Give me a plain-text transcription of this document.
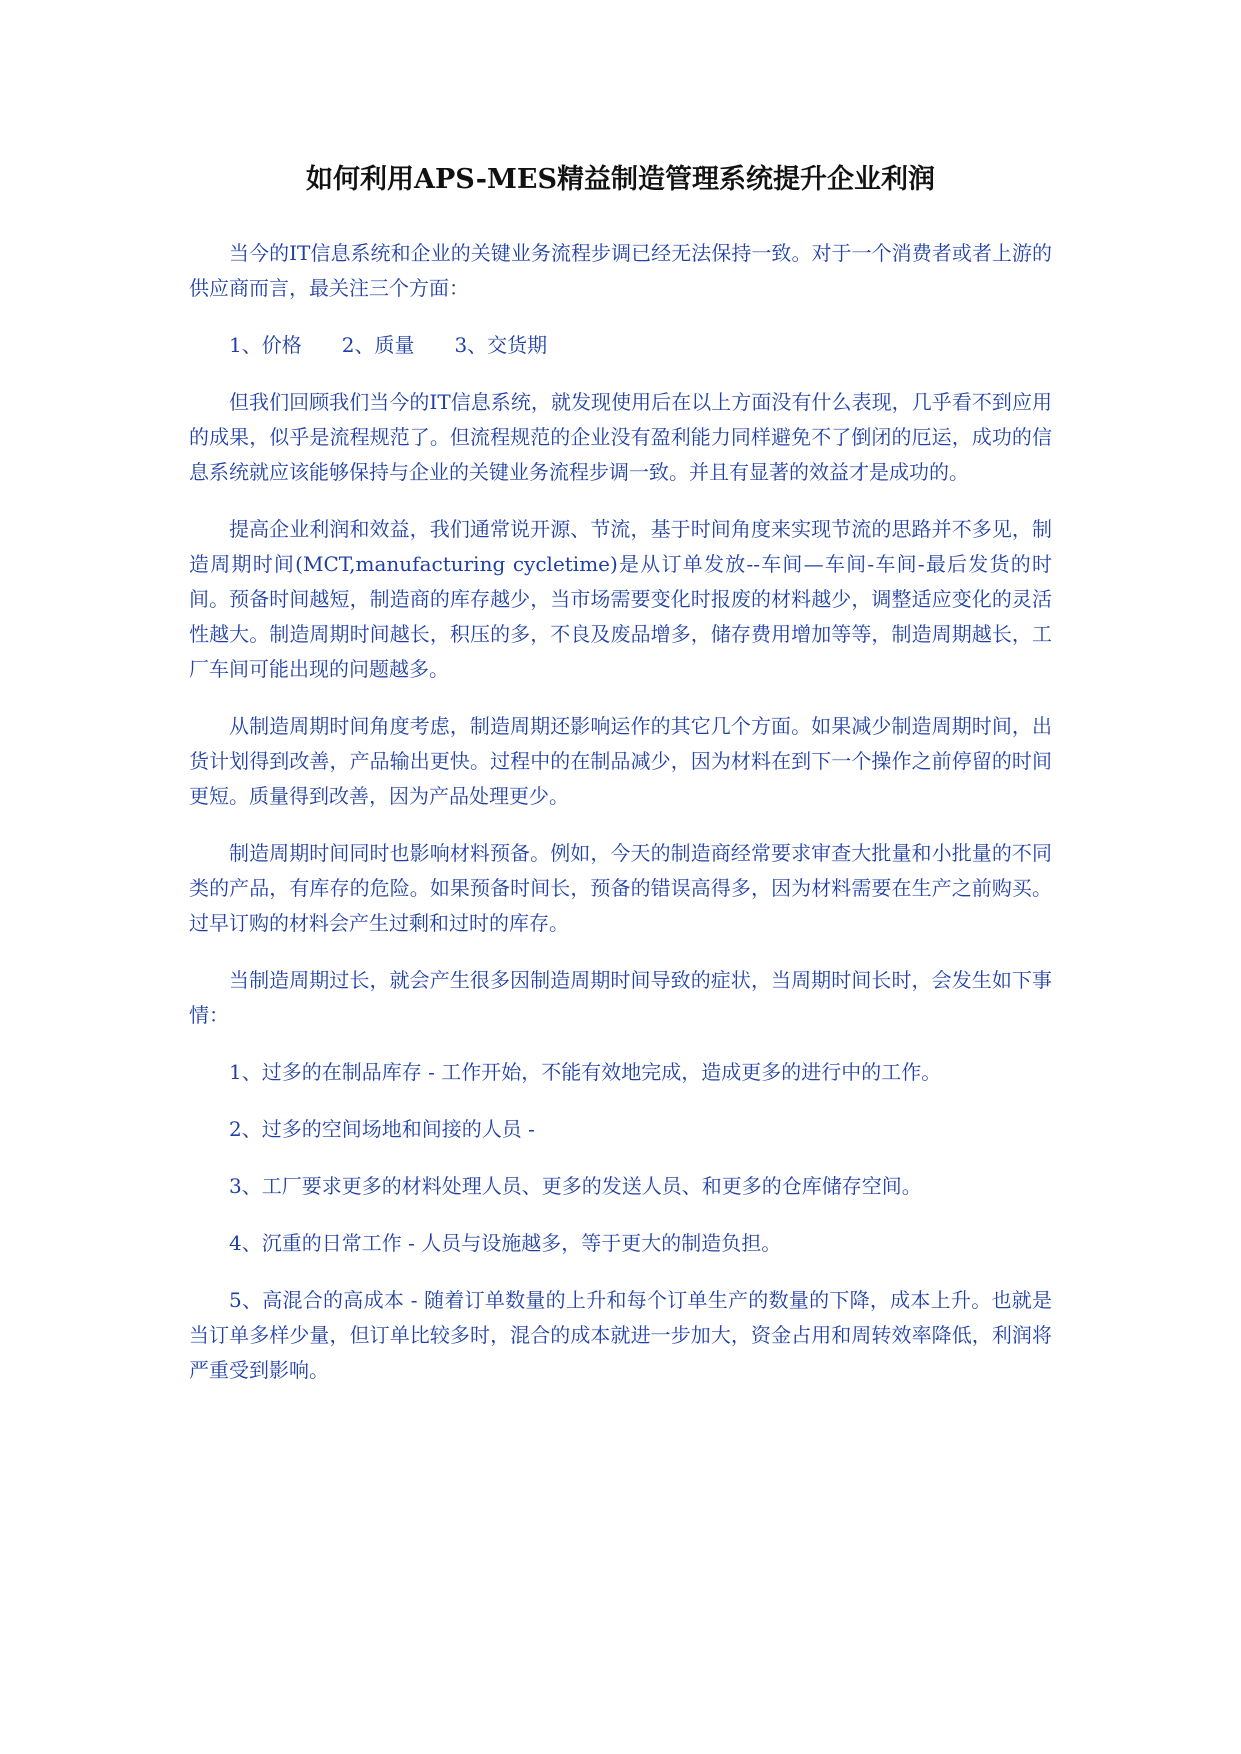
如何利用APS-MES精益制造管理系统提升企业利润

当今的IT信息系统和企业的关键业务流程步调已经无法保持一致。对于一个消费者或者上游的供应商而言，最关注三个方面：

1、价格　　2、质量　　3、交货期

但我们回顾我们当今的IT信息系统，就发现使用后在以上方面没有什么表现，几乎看不到应用的成果，似乎是流程规范了。但流程规范的企业没有盈利能力同样避免不了倒闭的厄运，成功的信息系统就应该能够保持与企业的关键业务流程步调一致。并且有显著的效益才是成功的。

提高企业利润和效益，我们通常说开源、节流，基于时间角度来实现节流的思路并不多见，制造周期时间(MCT,manufacturing cycletime)是从订单发放--车间—车间-车间-最后发货的时间。预备时间越短，制造商的库存越少，当市场需要变化时报废的材料越少，调整适应变化的灵活性越大。制造周期时间越长，积压的多，不良及废品增多，储存费用增加等等，制造周期越长，工厂车间可能出现的问题越多。

从制造周期时间角度考虑，制造周期还影响运作的其它几个方面。如果减少制造周期时间，出货计划得到改善，产品输出更快。过程中的在制品减少，因为材料在到下一个操作之前停留的时间更短。质量得到改善，因为产品处理更少。

制造周期时间同时也影响材料预备。例如，今天的制造商经常要求审查大批量和小批量的不同类的产品，有库存的危险。如果预备时间长，预备的错误高得多，因为材料需要在生产之前购买。过早订购的材料会产生过剩和过时的库存。

当制造周期过长，就会产生很多因制造周期时间导致的症状，当周期时间长时，会发生如下事情：

1、过多的在制品库存 - 工作开始，不能有效地完成，造成更多的进行中的工作。

2、过多的空间场地和间接的人员 -

3、工厂要求更多的材料处理人员、更多的发送人员、和更多的仓库储存空间。

4、沉重的日常工作 - 人员与设施越多，等于更大的制造负担。

5、高混合的高成本 - 随着订单数量的上升和每个订单生产的数量的下降，成本上升。也就是当订单多样少量，但订单比较多时，混合的成本就进一步加大，资金占用和周转效率降低，利润将严重受到影响。
